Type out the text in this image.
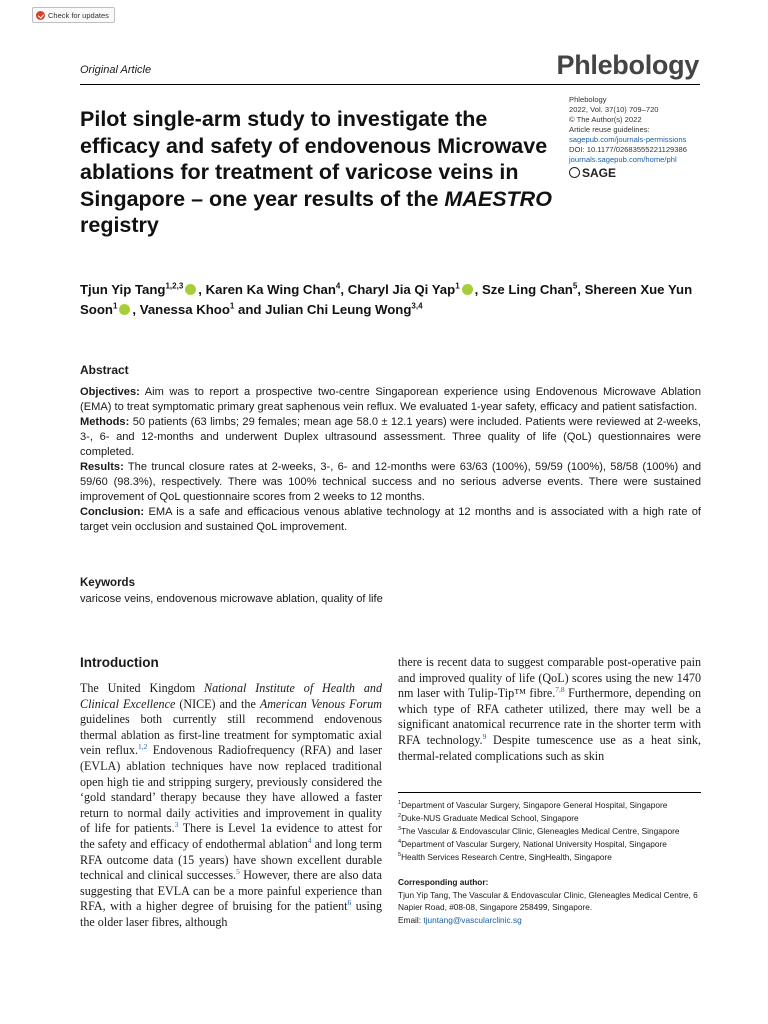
Check for updates
Original Article	Phlebology
Phlebology
2022, Vol. 37(10) 709–720
© The Author(s) 2022
Article reuse guidelines:
sagepub.com/journals-permissions
DOI: 10.1177/02683555221129386
journals.sagepub.com/home/phl
SAGE
Pilot single-arm study to investigate the efficacy and safety of endovenous Microwave ablations for treatment of varicose veins in Singapore – one year results of the MAESTRO registry
Tjun Yip Tang$^{1,2,3}$ , Karen Ka Wing Chan$^4$, Charyl Jia Qi Yap$^1$ , Sze Ling Chan$^5$, Shereen Xue Yun Soon$^1$ , Vanessa Khoo$^1$ and Julian Chi Leung Wong$^{3,4}$
Abstract

Objectives: Aim was to report a prospective two-centre Singaporean experience using Endovenous Microwave Ablation (EMA) to treat symptomatic primary great saphenous vein reflux. We evaluated 1-year safety, efficacy and patient satisfaction.

Methods: 50 patients (63 limbs; 29 females; mean age 58.0 ± 12.1 years) were included. Patients were reviewed at 2-weeks, 3-, 6- and 12-months and underwent Duplex ultrasound assessment. Three quality of life (QoL) questionnaires were completed.

Results: The truncal closure rates at 2-weeks, 3-, 6- and 12-months were 63/63 (100%), 59/59 (100%), 58/58 (100%) and 59/60 (98.3%), respectively. There was 100% technical success and no serious adverse events. There were sustained improvement of QoL questionnaire scores from 2 weeks to 12 months.

Conclusion: EMA is a safe and efficacious venous ablative technology at 12 months and is associated with a high rate of target vein occlusion and sustained QoL improvement.

Keywords
varicose veins, endovenous microwave ablation, quality of life
Introduction
The United Kingdom National Institute of Health and Clinical Excellence (NICE) and the American Venous Forum guidelines both currently still recommend endovenous thermal ablation as first-line treatment for symptomatic axial vein reflux.$^{1,2}$ Endovenous Radiofrequency (RFA) and laser (EVLA) ablation techniques have now replaced traditional open high tie and stripping surgery, previously considered the ‘gold standard’ therapy because they have allowed a faster return to normal daily activities and improvement in quality of life for patients.$^3$ There is Level 1a evidence to attest for the safety and efficacy of endothermal ablation$^4$ and long term RFA outcome data (15 years) have shown excellent durable technical and clinical successes.$^5$ However, there are also data suggesting that EVLA can be a more painful experience than RFA, with a higher degree of bruising for the patient$^6$ using the older laser fibres, although
there is recent data to suggest comparable post-operative pain and improved quality of life (QoL) scores using the new 1470 nm laser with Tulip-Tip™ fibre.$^{7,8}$ Furthermore, depending on which type of RFA catheter utilized, there may well be a significant anatomical recurrence rate in the shorter term with RFA technology.$^9$ Despite tumescence use as a heat sink, thermal-related complications such as skin
$^1$Department of Vascular Surgery, Singapore General Hospital, Singapore
$^2$Duke-NUS Graduate Medical School, Singapore
$^3$The Vascular & Endovascular Clinic, Gleneagles Medical Centre, Singapore
$^4$Department of Vascular Surgery, National University Hospital, Singapore
$^5$Health Services Research Centre, SingHealth, Singapore
Corresponding author:
Tjun Yip Tang, The Vascular & Endovascular Clinic, Gleneagles Medical Centre, 6 Napier Road, #08-08, Singapore 258499, Singapore.
Email: tjuntang@vascularclinic.sg
